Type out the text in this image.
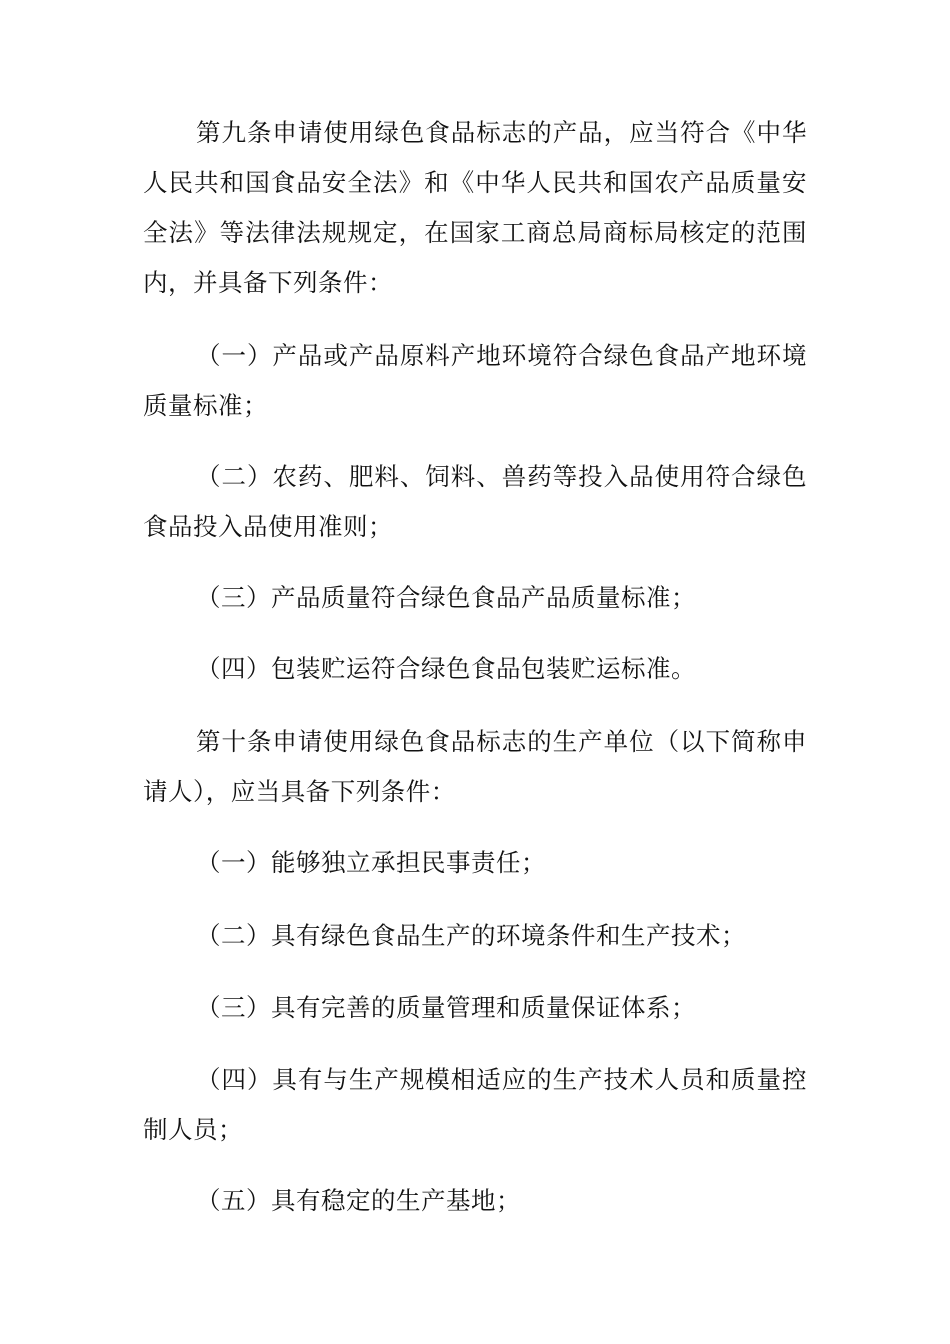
第九条申请使用绿色食品标志的产品，应当符合《中华人民共和国食品安全法》和《中华人民共和国农产品质量安全法》等法律法规规定，在国家工商总局商标局核定的范围内，并具备下列条件：

（一）产品或产品原料产地环境符合绿色食品产地环境质量标准；

（二）农药、肥料、饲料、兽药等投入品使用符合绿色食品投入品使用准则；

（三）产品质量符合绿色食品产品质量标准；

（四）包装贮运符合绿色食品包装贮运标准。

第十条申请使用绿色食品标志的生产单位（以下简称申请人），应当具备下列条件：

（一）能够独立承担民事责任；

（二）具有绿色食品生产的环境条件和生产技术；

（三）具有完善的质量管理和质量保证体系；

（四）具有与生产规模相适应的生产技术人员和质量控制人员；

（五）具有稳定的生产基地；
